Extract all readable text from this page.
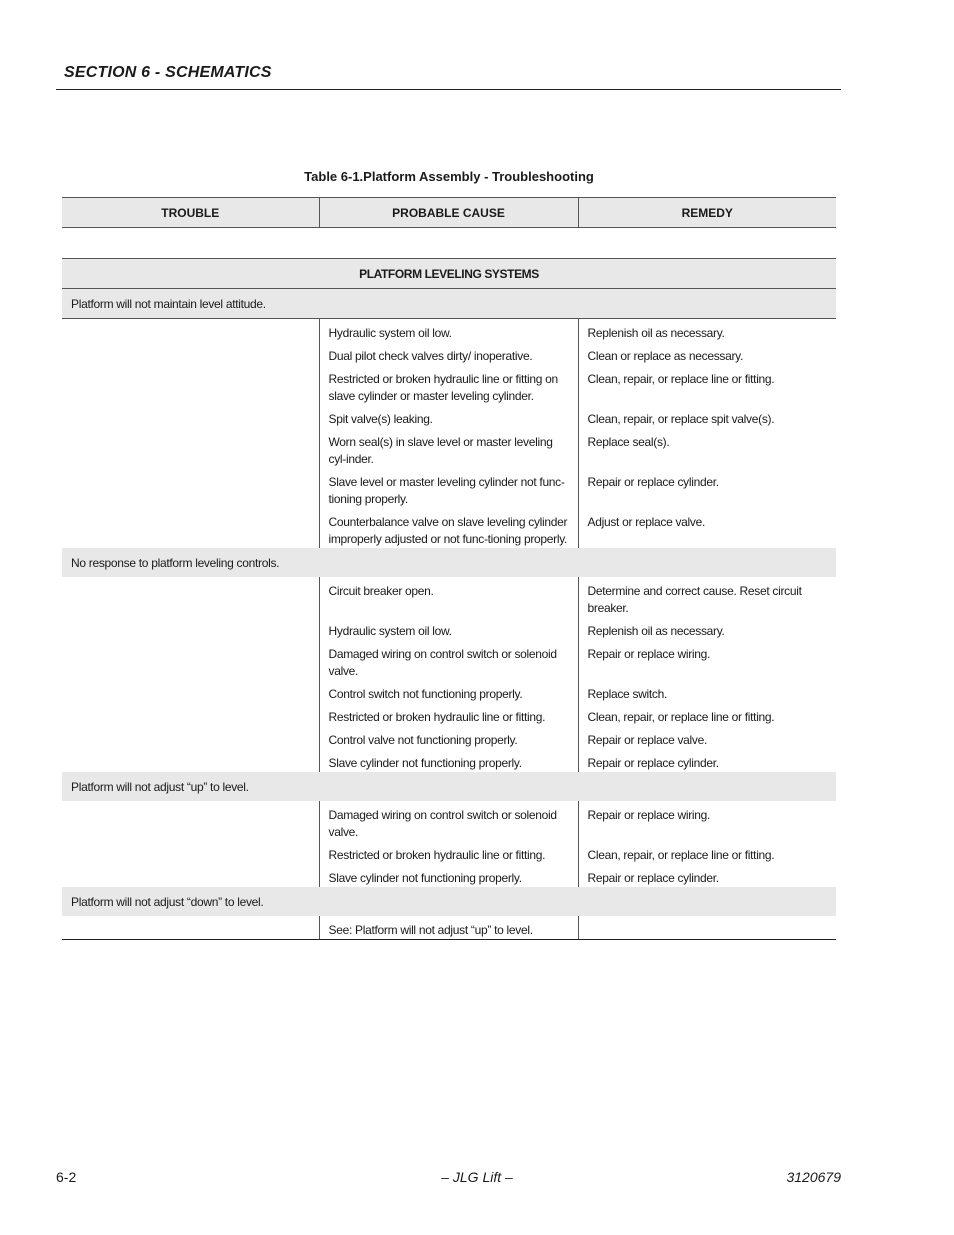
SECTION 6 - SCHEMATICS
Table 6-1.Platform Assembly - Troubleshooting
TROUBLE	PROBABLE CAUSE	REMEDY

PLATFORM LEVELING SYSTEMS		
Platform will not maintain level attitude.		
	Hydraulic system oil low.	Replenish oil as necessary.
	Dual pilot check valves dirty/ inoperative.	Clean or replace as necessary.
	Restricted or broken hydraulic line or fitting on slave cylinder or master leveling cylinder.	Clean, repair, or replace line or fitting.
	Spit valve(s) leaking.	Clean, repair, or replace spit valve(s).
	Worn seal(s) in slave level or master leveling cyl-inder.	Replace seal(s).
	Slave level or master leveling cylinder not func-tioning properly.	Repair or replace cylinder.
	Counterbalance valve on slave leveling cylinder improperly adjusted or not func-tioning properly.	Adjust or replace valve.
No response to platform leveling controls.		
	Circuit breaker open.	Determine and correct cause. Reset circuit breaker.
	Hydraulic system oil low.	Replenish oil as necessary.
	Damaged wiring on control switch or solenoid valve.	Repair or replace wiring.
	Control switch not functioning properly.	Replace switch.
	Restricted or broken hydraulic line or fitting.	Clean, repair, or replace line or fitting.
	Control valve not functioning properly.	Repair or replace valve.
	Slave cylinder not functioning properly.	Repair or replace cylinder.
Platform will not adjust “up” to level.		
	Damaged wiring on control switch or solenoid valve.	Repair or replace wiring.
	Restricted or broken hydraulic line or fitting.	Clean, repair, or replace line or fitting.
	Slave cylinder not functioning properly.	Repair or replace cylinder.
Platform will not adjust “down” to level.		
	See: Platform will not adjust “up” to level.	
6-2	– JLG Lift –	3120679
